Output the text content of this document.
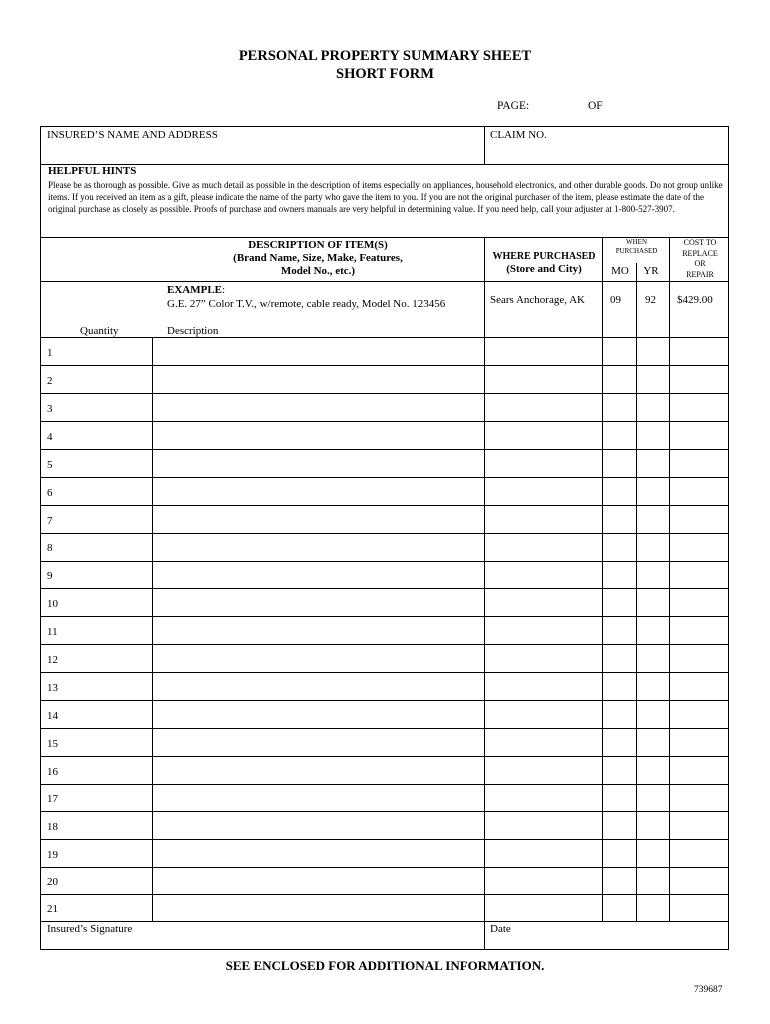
PERSONAL PROPERTY SUMMARY SHEET
SHORT FORM
PAGE:	OF
INSURED’S NAME AND ADDRESS	CLAIM NO.
HELPFUL HINTS
Please be as thorough as possible. Give as much detail as possible in the description of items especially on appliances, household electronics, and other durable goods. Do not group unlike items. If you received an item as a gift, please indicate the name of the party who gave the item to you. If you are not the original purchaser of the item, please estimate the date of the original purchase as closely as possible. Proofs of purchase and owners manuals are very helpful in determining value. If you need help, call your adjuster at 1-800-527-3907.
DESCRIPTION OF ITEM(S)
(Brand Name, Size, Make, Features,
Model No., etc.)
WHERE PURCHASED
(Store and City)
WHEN
PURCHASED
MO	YR
COST TO
REPLACE
OR
REPAIR
EXAMPLE:
G.E. 27” Color T.V., w/remote, cable ready, Model No. 123456	Sears Anchorage, AK 09 92 $429.00
Quantity	Description
1
2
3
4
5
6
7
8
9
10
11
12
13
14
15
16
17
18
19
20
21
Insured’s Signature	Date
SEE ENCLOSED FOR ADDITIONAL INFORMATION.
739687
